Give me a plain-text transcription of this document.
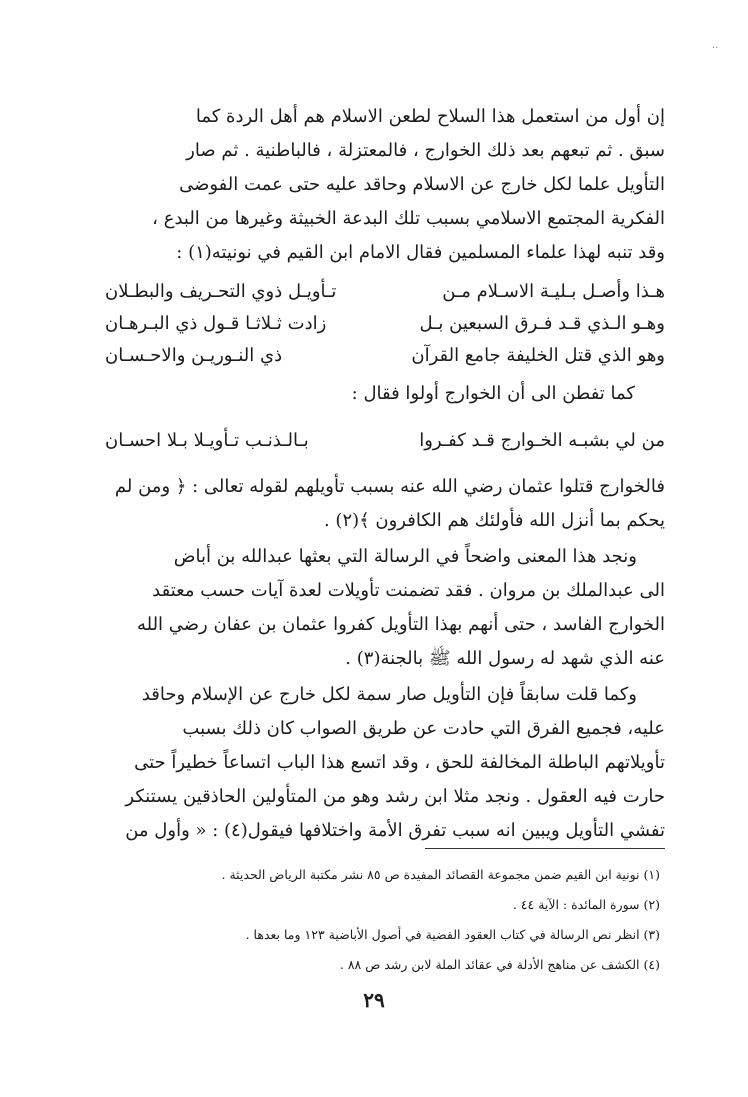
..

إن أول من استعمل هذا السلاح لطعن الاسلام هم أهل الردة كما

سبق . ثم تبعهم بعد ذلك الخوارج ، فالمعتزلة ، فالباطنية . ثم صار

التأويل علما لكل خارج عن الاسلام وحاقد عليه حتى عمت الفوضى

الفكرية المجتمع الاسلامي بسبب تلك البدعة الخبيثة وغيرها من البدع ،

وقد تنبه لهذا علماء المسلمين فقال الامام ابن القيم في نونيته(١) :

هـذا وأصـل بـليـة الاسـلام مـن
تـأويـل ذوي التحـريف والبطـلان
وهـو الـذي قـد فـرق السبعين بـل
زادت ثـلاثـا قـول ذي البـرهـان
وهو الذي قتل الخليفة جامع القرآن
ذي النـوريـن والاحـسـان

كما تفطن الى أن الخوارج أولوا فقال :

من لي بشبـه الخـوارج قـد كفـروا
بـالـذنـب تـأويـلا بـلا احسـان

فالخوارج قتلوا عثمان رضي الله عنه بسبب تأويلهم لقوله تعالى : ﴿ ومن لم

يحكم بما أنزل الله فأولئك هم الكافرون ﴾(٢) .

ونجد هذا المعنى واضحاً في الرسالة التي بعثها عبدالله بن أباض

الى عبدالملك بن مروان . فقد تضمنت تأويلات لعدة آيات حسب معتقد

الخوارج الفاسد ، حتى أنهم بهذا التأويل كفروا عثمان بن عفان رضي الله

عنه الذي شهد له رسول الله ﷺ بالجنة(٣) .

وكما قلت سابقاً فإن التأويل صار سمة لكل خارج عن الإسلام وحاقد

عليه، فجميع الفرق التي حادت عن طريق الصواب كان ذلك بسبب

تأويلاتهم الباطلة المخالفة للحق ، وقد اتسع هذا الباب اتساعاً خطيراً حتى

حارت فيه العقول . ونجد مثلا ابن رشد وهو من المتأولين الحاذقين يستنكر

تفشي التأويل ويبين انه سبب تفرق الأمة واختلافها فيقول(٤) : « وأول من

(١) نونية ابن القيم ضمن مجموعة القصائد المفيدة ص ٨٥ نشر مكتبة الرياض الحديثة .

(٢) سورة المائدة : الآية ٤٤ .

(٣) انظر نص الرسالة في كتاب العقود الفضية في أصول الأباضية ١٢٣ وما بعدها .

(٤) الكشف عن مناهج الأدلة في عقائد الملة لابن رشد ص ٨٨ .

٢٩
